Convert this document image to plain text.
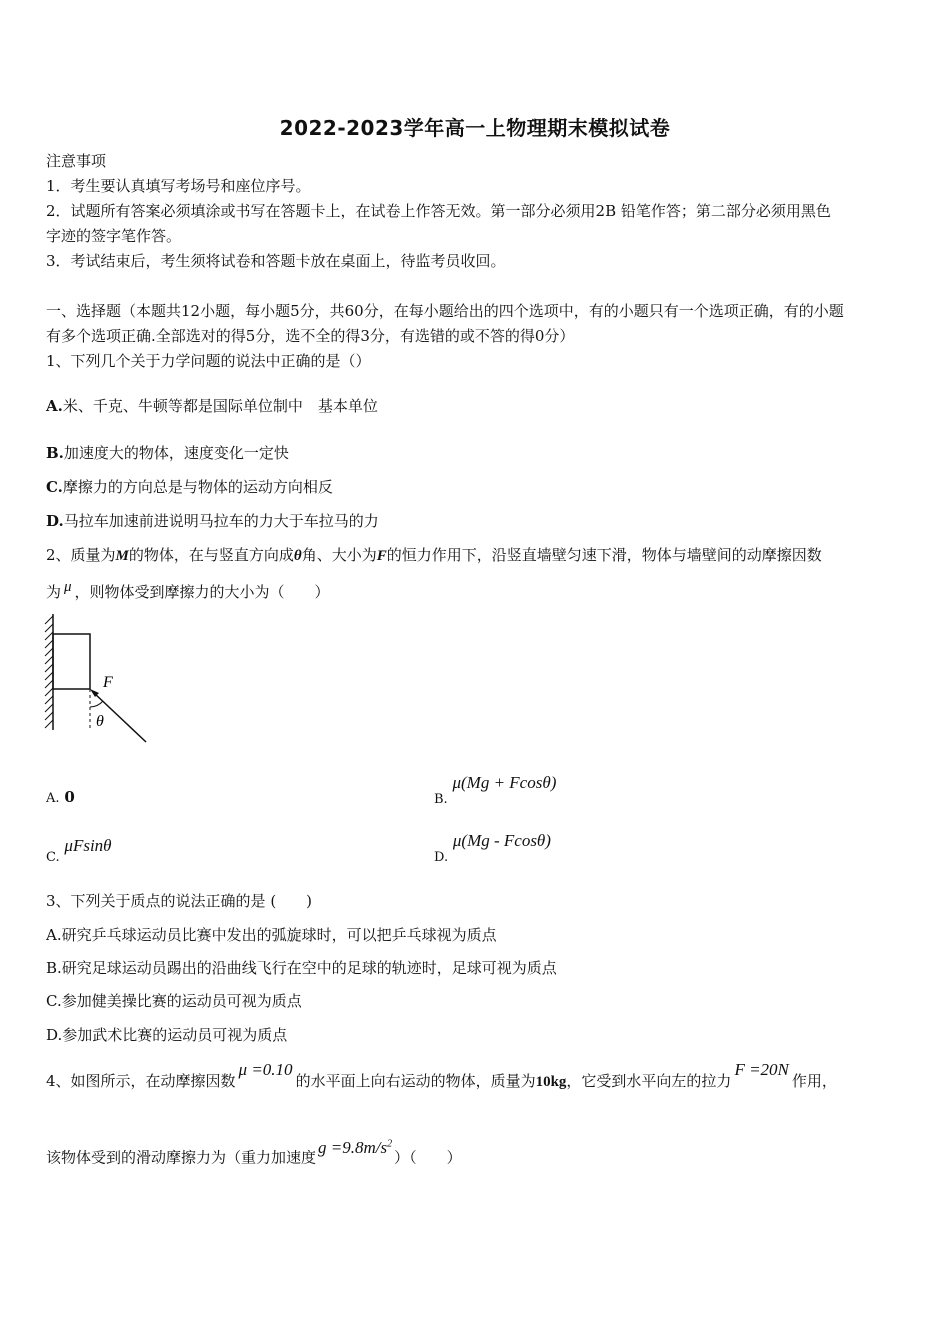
2022-2023学年高一上物理期末模拟试卷
注意事项
1．考生要认真填写考场号和座位序号。
2．试题所有答案必须填涂或书写在答题卡上，在试卷上作答无效。第一部分必须用2B 铅笔作答；第二部分必须用黑色
字迹的签字笔作答。
3．考试结束后，考生须将试卷和答题卡放在桌面上，待监考员收回。
一、选择题（本题共12小题，每小题5分，共60分，在每小题给出的四个选项中，有的小题只有一个选项正确，有的小题
有多个选项正确.全部选对的得5分，选不全的得3分，有选错的或不答的得0分）
1、下列几个关于力学问题的说法中正确的是（）
A.米、千克、牛顿等都是国际单位制中　基本单位
B.加速度大的物体，速度变化一定快
C.摩擦力的方向总是与物体的运动方向相反
D.马拉车加速前进说明马拉车的力大于车拉马的力
2、质量为M的物体，在与竖直方向成θ角、大小为F的恒力作用下，沿竖直墙壁匀速下滑，物体与墙壁间的动摩擦因数
为 μ ，则物体受到摩擦力的大小为（　　）
F
θ
A. 0	B. μ(Mg + Fcosθ)
C. μFsinθ
D. μ(Mg - Fcosθ)
3、下列关于质点的说法正确的是 (　　)
A.研究乒乓球运动员比赛中发出的弧旋球时，可以把乒乓球视为质点
B.研究足球运动员踢出的沿曲线飞行在空中的足球的轨迹时，足球可视为质点
C.参加健美操比赛的运动员可视为质点
D.参加武术比赛的运动员可视为质点
4、如图所示，在动摩擦因数μ =0.10的水平面上向右运动的物体，质量为10kg，它受到水平向左的拉力F =20N作用，
该物体受到的滑动摩擦力为（重力加速度$g =9.8m/s^2$）（　　）
